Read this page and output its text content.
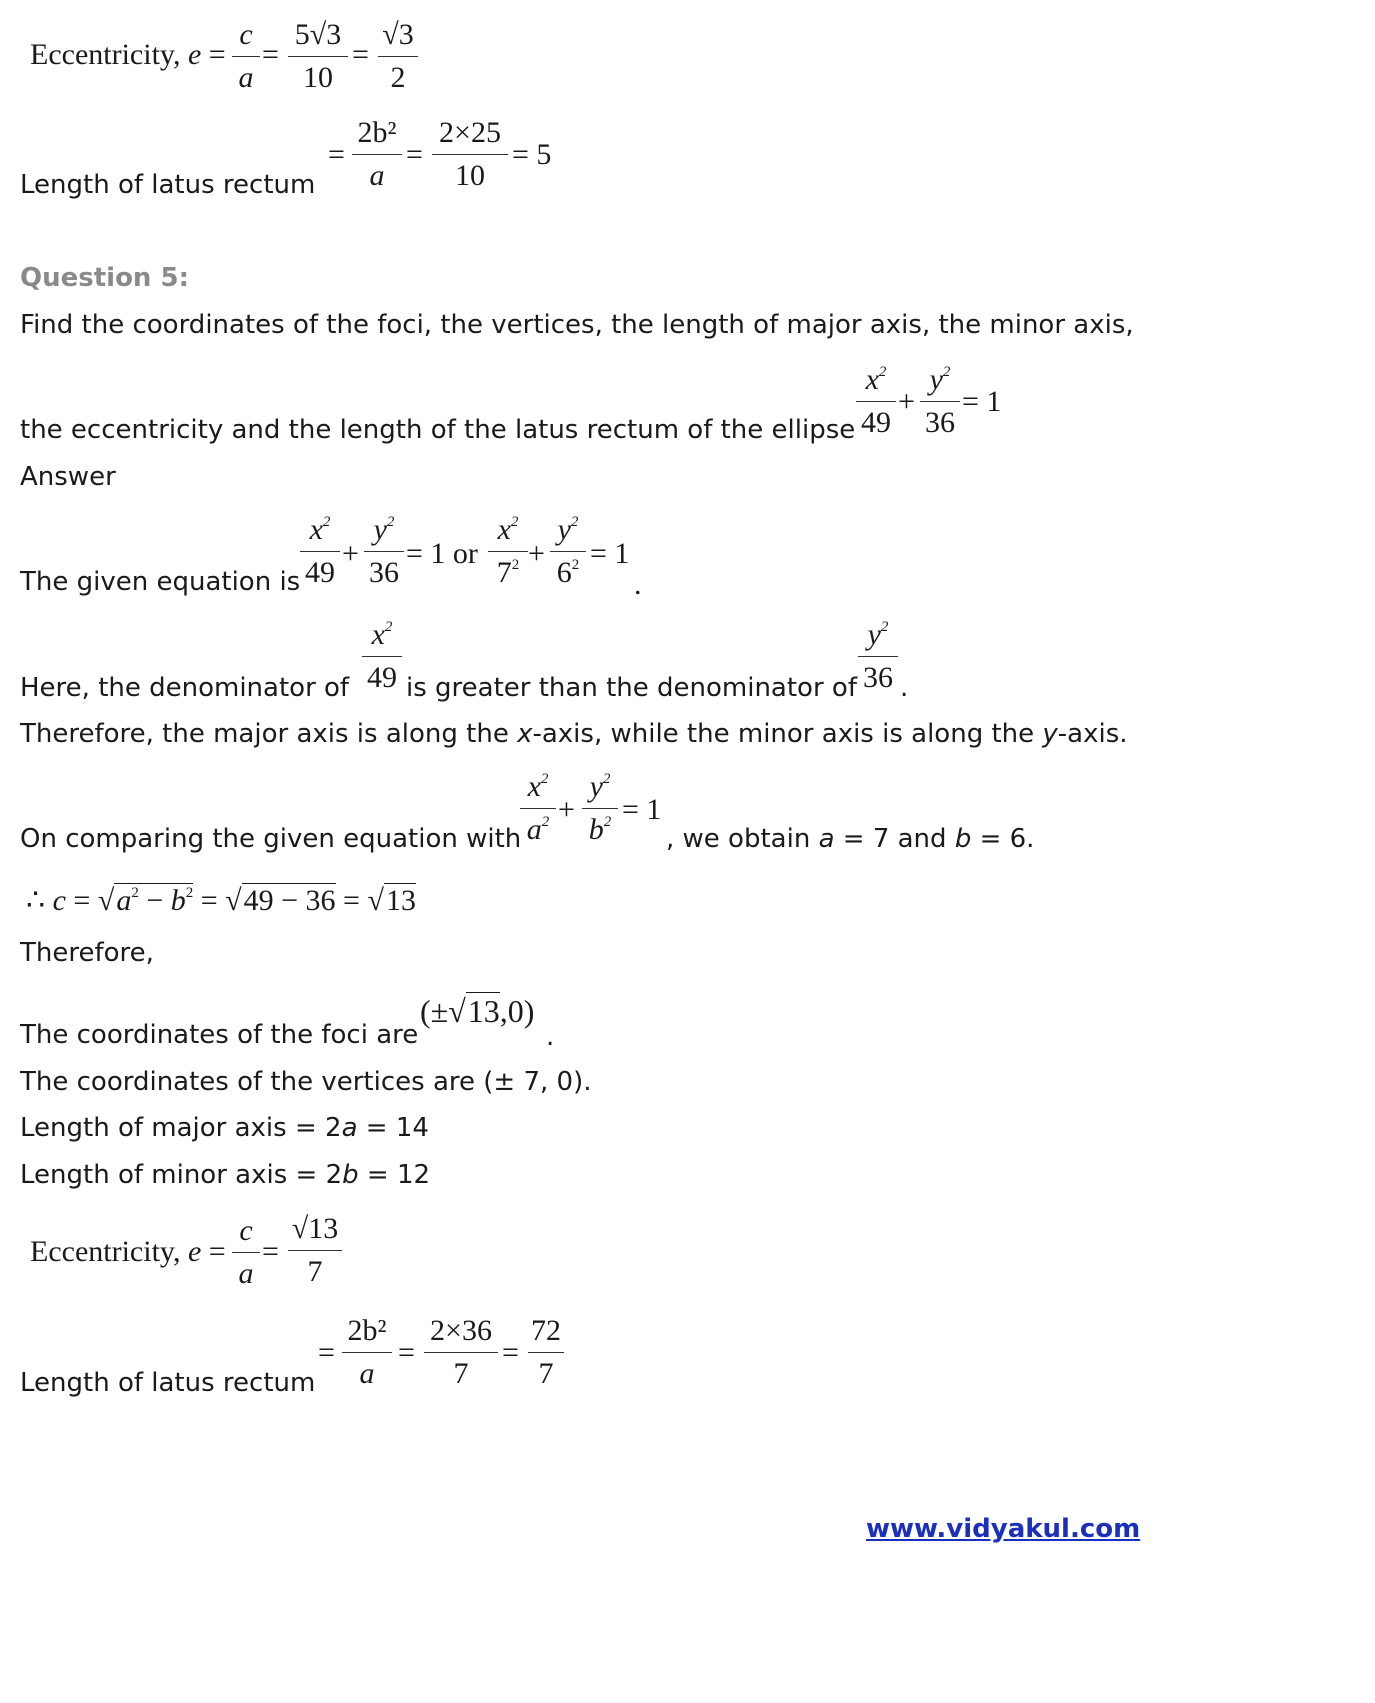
Eccentricity, e =
c
a
=
5√3
10
=
√3
2
Length of latus rectum
=
2b²
a
=
2×25
10
= 5
Question 5:
Find the coordinates of the foci, the vertices, the length of major axis, the minor axis,
the eccentricity and the length of the latus rectum of the ellipse
$x^2$
49
+
$y^2$
36
= 1
Answer
The given equation is
$x^2$
49
+
$y^2$
36
= 1 or
$x^2$
$7^2$ +
$y^2$
$6^2 = 1$
.
Here, the denominator of
$x^2$
49 is greater than the denominator of
$y^2$
36 .
Therefore, the major axis is along the x-axis, while the minor axis is along the y-axis.
On comparing the given equation with
$x^2$
$a^2$ +
$y^2$
$b^2 = 1$
, we obtain a = 7 and b = 6.
∴ $c = √a^2 - b^2 = √49 - 36 = √13$
Therefore,
The coordinates of the foci are
(±√13,0)
.
The coordinates of the vertices are (± 7, 0).
Length of major axis = 2a = 14
Length of minor axis = 2b = 12
Eccentricity, e =
c
a
=
√13
7
Length of latus rectum
=
2b²
a
=
2×36
7
=
72
7
www.vidyakul.com
